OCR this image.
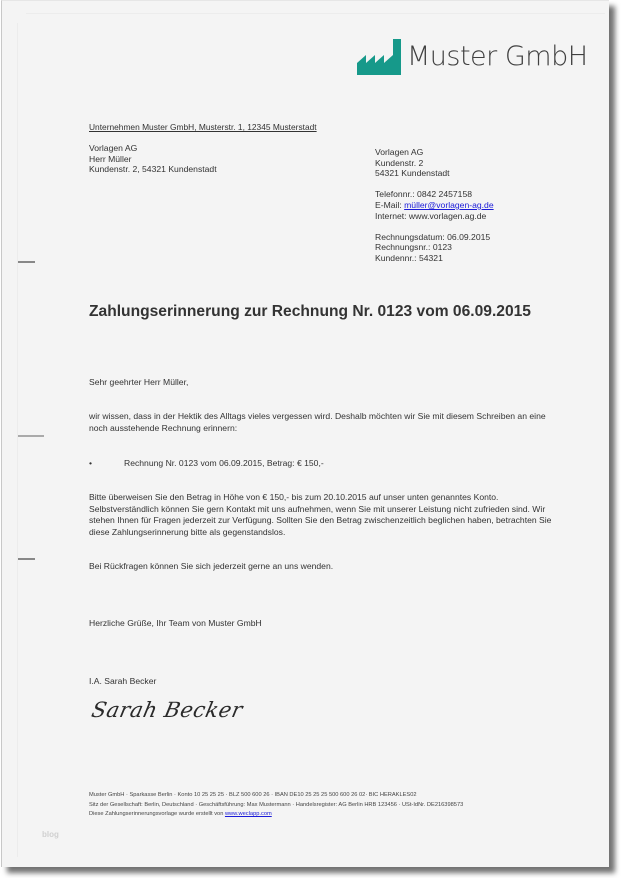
Muster GmbH
Unternehmen Muster GmbH, Musterstr. 1, 12345 Musterstadt
Vorlagen AG
Herr Müller
Kundenstr. 2, 54321 Kundenstadt
Vorlagen AG
Kundenstr. 2
54321 Kundenstadt
Telefonnr.: 0842 2457158
E-Mail: müller@vorlagen-ag.de
Internet: www.vorlagen.ag.de
Rechnungsdatum: 06.09.2015
Rechnungsnr.: 0123
Kundennr.: 54321
Zahlungserinnerung zur Rechnung Nr. 0123 vom 06.09.2015
Sehr geehrter Herr Müller,
wir wissen, dass in der Hektik des Alltags vieles vergessen wird. Deshalb möchten wir Sie mit diesem Schreiben an eine noch ausstehende Rechnung erinnern:
•	Rechnung Nr. 0123 vom 06.09.2015, Betrag: € 150,-
Bitte überweisen Sie den Betrag in Höhe von € 150,- bis zum 20.10.2015 auf unser unten genanntes Konto. Selbstverständlich können Sie gern Kontakt mit uns aufnehmen, wenn Sie mit unserer Leistung nicht zufrieden sind. Wir stehen Ihnen für Fragen jederzeit zur Verfügung. Sollten Sie den Betrag zwischenzeitlich beglichen haben, betrachten Sie diese Zahlungserinnerung bitte als gegenstandslos.
Bei Rückfragen können Sie sich jederzeit gerne an uns wenden.
Herzliche Grüße, Ihr Team von Muster GmbH
I.A. Sarah Becker
Sarah Becker
Muster GmbH · Sparkasse Berlin · Konto 10 25 25 25 · BLZ 500 600 26 · IBAN DE10 25 25 25 500 600 26 02· BIC HERAKLES02
Sitz der Gesellschaft: Berlin, Deutschland · Geschäftsführung: Max Mustermann · Handelsregister: AG Berlin HRB 123456 · USt-IdNr. DE216398573
Diese Zahlungserinnerungsvorlage wurde erstellt von www.weclapp.com
blog
